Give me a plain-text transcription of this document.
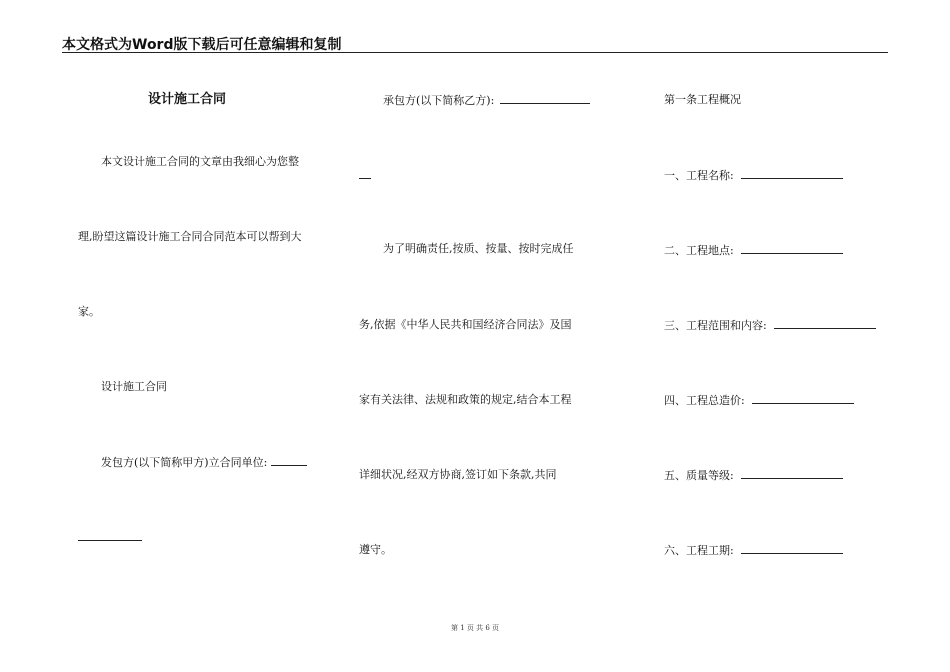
本文格式为Word版下载后可任意编辑和复制
设计施工合同
本文设计施工合同的文章由我细心为您整
理,盼望这篇设计施工合同合同范本可以帮到大
家。
设计施工合同
发包方(以下简称甲方)立合同单位:
承包方(以下简称乙方):
为了明确责任,按质、按量、按时完成任
务,依据《中华人民共和国经济合同法》及国
家有关法律、法规和政策的规定,结合本工程
详细状况,经双方协商,签订如下条款,共同
遵守。
第一条工程概况
一、工程名称:
二、工程地点:
三、工程范围和内容:
四、工程总造价:
五、质量等级:
六、工程工期:
第 1 页 共 6 页
